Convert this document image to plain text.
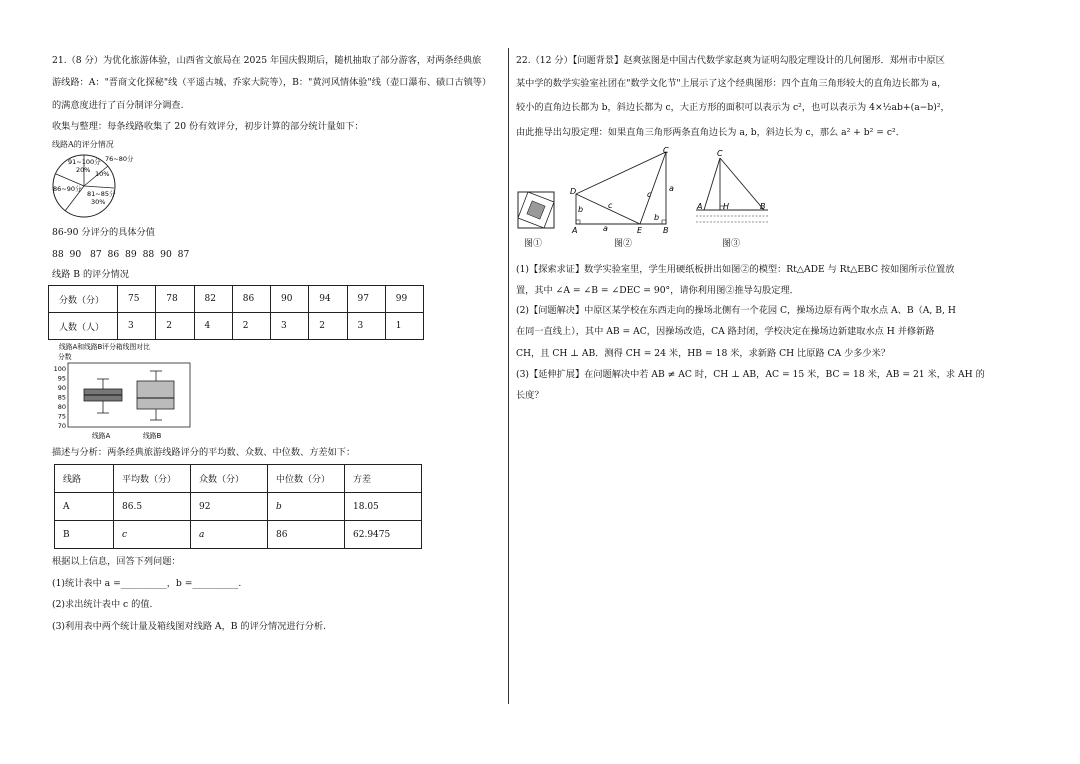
21.（8 分）为优化旅游体验，山西省文旅局在 2025 年国庆假期后，随机抽取了部分游客，对两条经典旅
游线路：A："晋商文化探秘"线（平遥古城、乔家大院等），B："黄河风情体验"线（壶口瀑布、碛口古镇等）
的满意度进行了百分制评分调查.
收集与整理：每条线路收集了 20 份有效评分，初步计算的部分统计量如下：
线路A的评分情况
91~100分
20%
76~80分
10%
86~90分
81~85分
30%
86-90 分评分的具体分值
88  90   87  86  89  88  90  87
线路 B 的评分情况
分数（分）	75	78	82	86	90	94	97	99
人数（人）	3	2	4	2	3	2	3	1
线路A和线路B评分箱线图对比
分数
100
95
90
85
80
75
70
线路A	线路B
描述与分析：两条经典旅游线路评分的平均数、众数、中位数、方差如下：
线路	平均数（分）	众数（分）	中位数（分）	方差
A	86.5	92	b	18.05
B	c	a	86	62.9475
根据以上信息，回答下列问题：
(1)统计表中 a =__________，b =__________.
(2)求出统计表中 c 的值.
(3)利用表中两个统计量及箱线图对线路 A，B 的评分情况进行分析.
22.（12 分）【问题背景】赵爽弦图是中国古代数学家赵爽为证明勾股定理设计的几何图形．郑州市中原区
某中学的数学实验室社团在"数学文化节"上展示了这个经典图形：四个直角三角形较大的直角边长都为 a，
较小的直角边长都为 b，斜边长都为 c，大正方形的面积可以表示为 c²，也可以表示为 4×½ab+(a−b)²，
由此推导出勾股定理：如果直角三角形两条直角边长为 a, b，斜边长为 c，那么 a² + b² = c²．
图①
C
D
A	E	B
a
b	c
c
a
b
图②
C
A	H	B
图③
(1)【探索求证】数学实验室里，学生用硬纸板拼出如图②的模型：Rt△ADE 与 Rt△EBC 按如图所示位置放
置，其中 ∠A = ∠B = ∠DEC = 90°，请你利用图②推导勾股定理．
(2)【问题解决】中原区某学校在东西走向的操场北侧有一个花园 C，操场边原有两个取水点 A、B（A, B, H
在同一直线上），其中 AB = AC，因操场改造，CA 路封闭，学校决定在操场边新建取水点 H 并修新路
CH，且 CH ⊥ AB．测得 CH = 24 米，HB = 18 米，求新路 CH 比原路 CA 少多少米？
(3)【延伸扩展】在问题解决中若 AB ≠ AC 时，CH ⊥ AB，AC = 15 米，BC = 18 米，AB = 21 米，求 AH 的
长度？
